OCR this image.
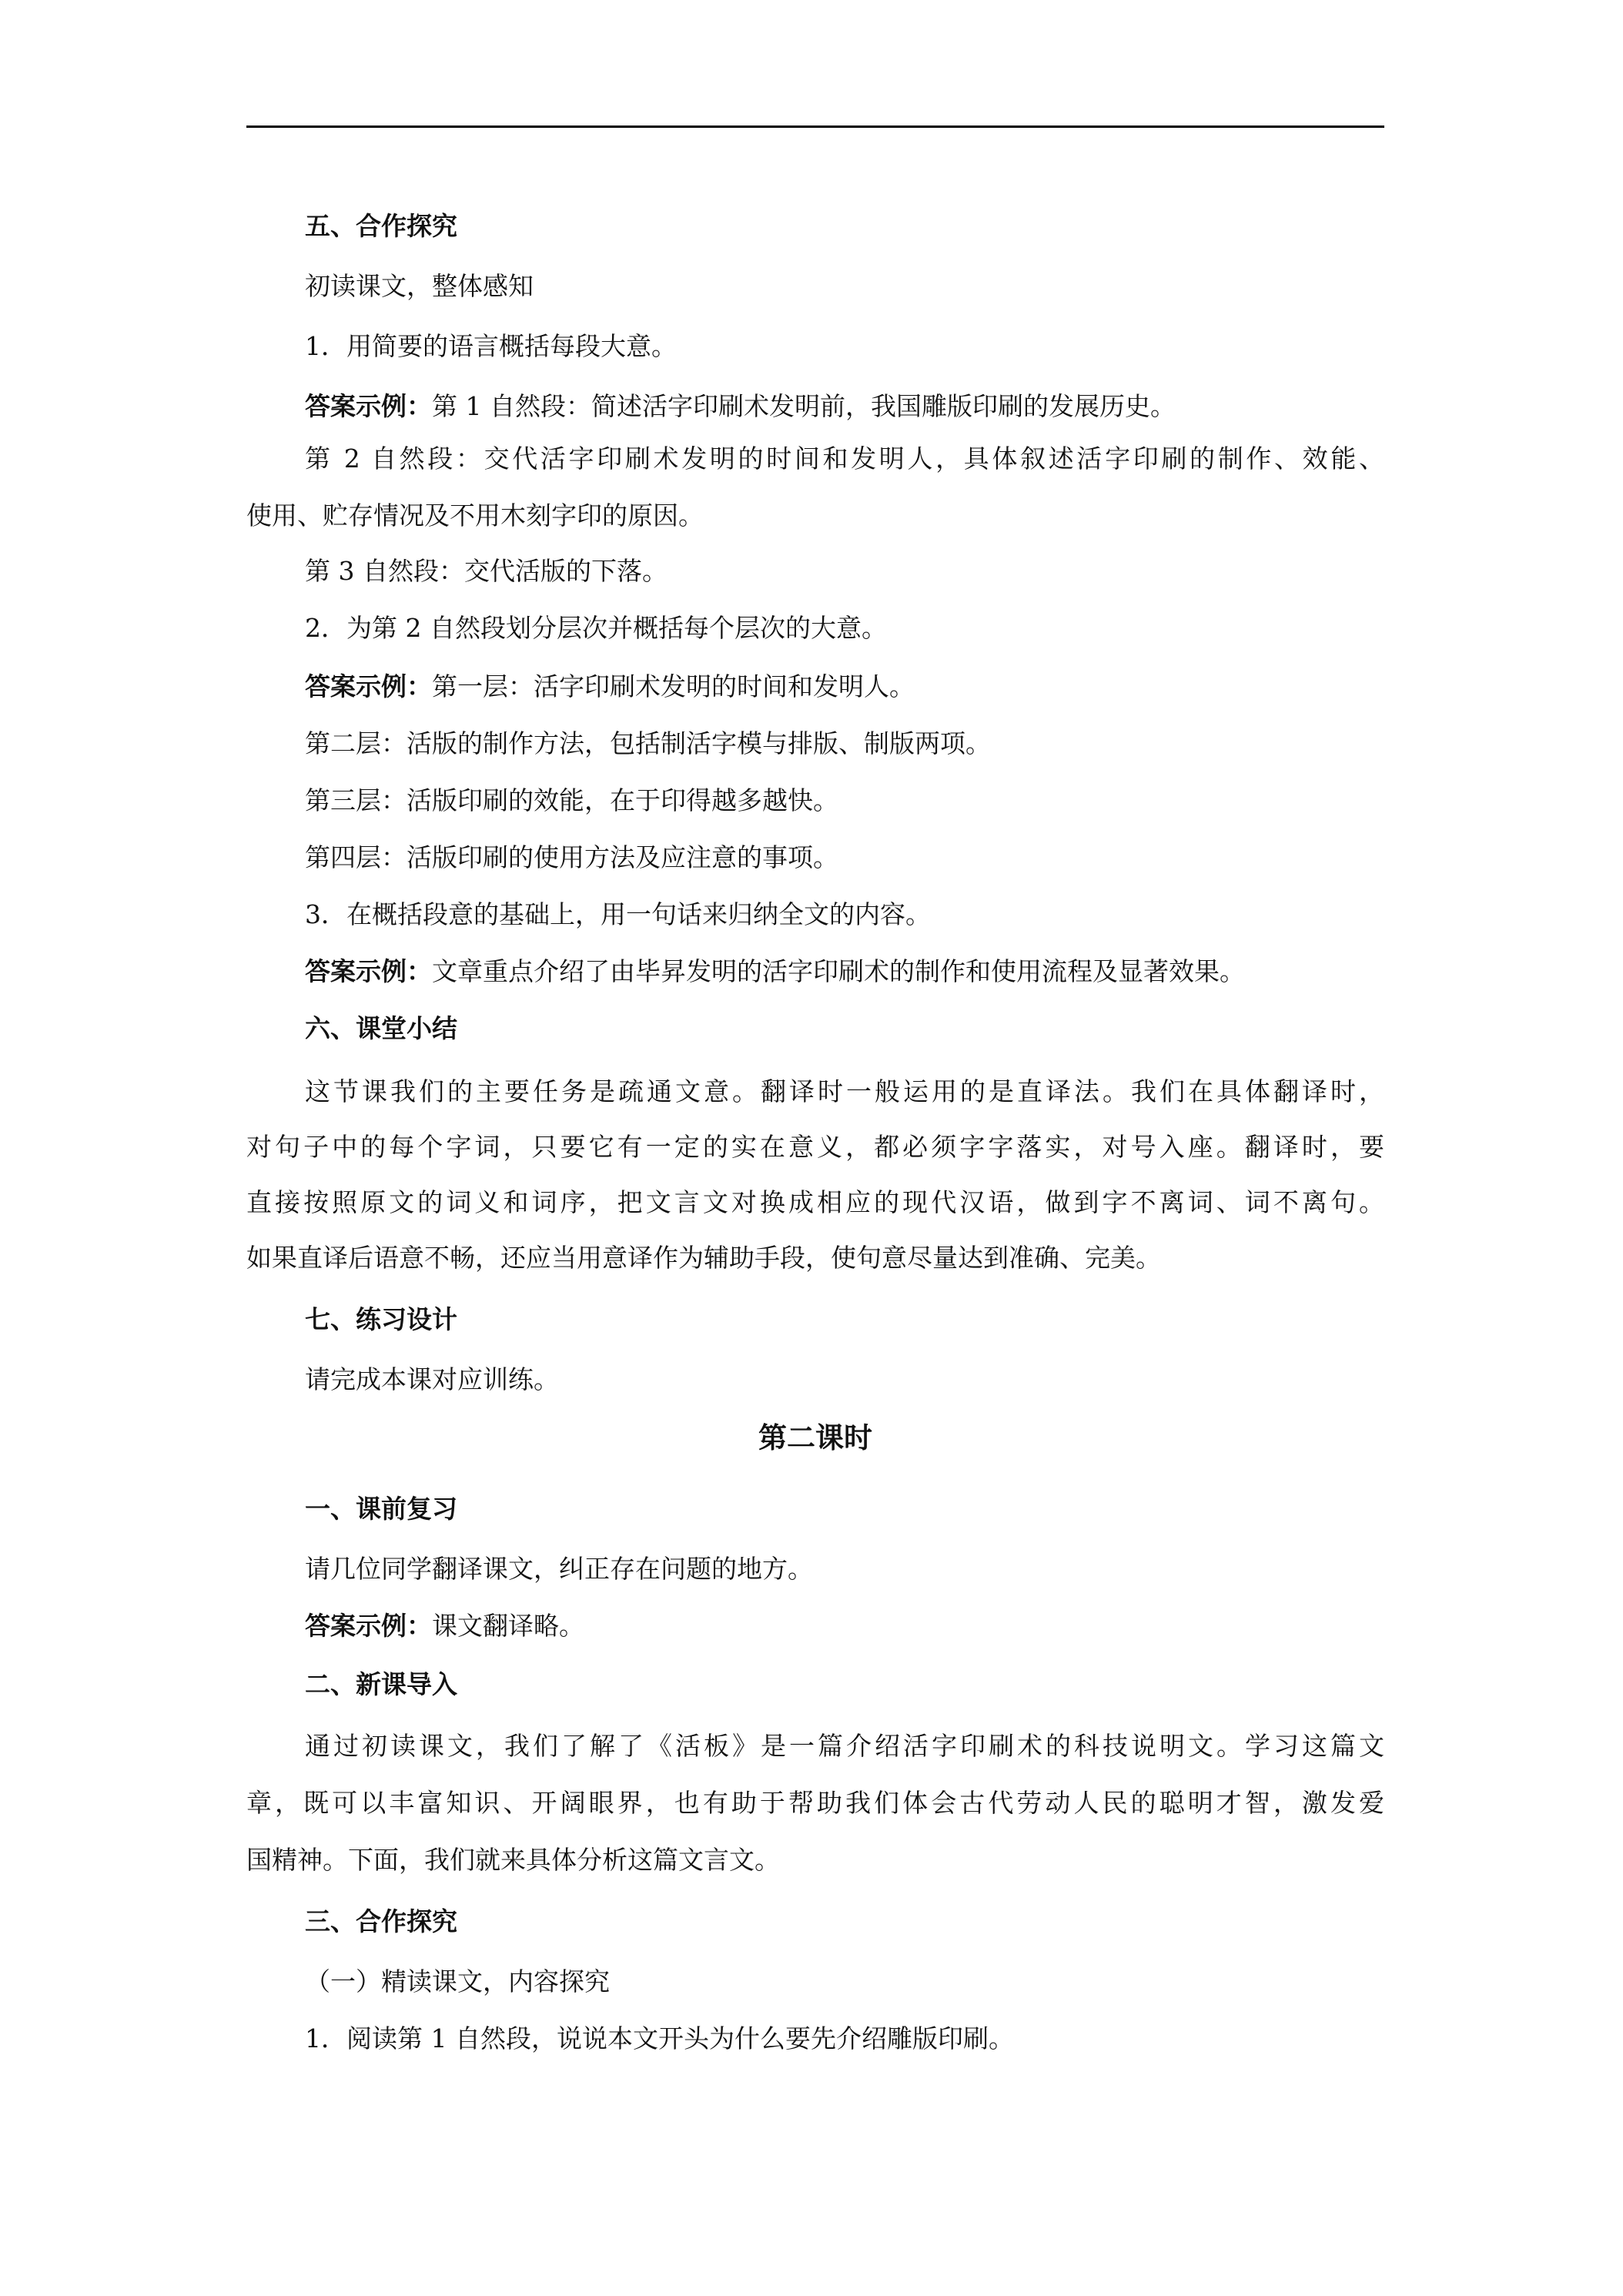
五、合作探究
初读课文，整体感知
1．用简要的语言概括每段大意。
答案示例：第 1 自然段：简述活字印刷术发明前，我国雕版印刷的发展历史。
第 2 自然段：交代活字印刷术发明的时间和发明人，具体叙述活字印刷的制作、效能、
使用、贮存情况及不用木刻字印的原因。
第 3 自然段：交代活版的下落。
2．为第 2 自然段划分层次并概括每个层次的大意。
答案示例：第一层：活字印刷术发明的时间和发明人。
第二层：活版的制作方法，包括制活字模与排版、制版两项。
第三层：活版印刷的效能，在于印得越多越快。
第四层：活版印刷的使用方法及应注意的事项。
3．在概括段意的基础上，用一句话来归纳全文的内容。
答案示例：文章重点介绍了由毕昇发明的活字印刷术的制作和使用流程及显著效果。
六、课堂小结
这节课我们的主要任务是疏通文意。翻译时一般运用的是直译法。我们在具体翻译时，
对句子中的每个字词，只要它有一定的实在意义，都必须字字落实，对号入座。翻译时，要
直接按照原文的词义和词序，把文言文对换成相应的现代汉语，做到字不离词、词不离句。
如果直译后语意不畅，还应当用意译作为辅助手段，使句意尽量达到准确、完美。
七、练习设计
请完成本课对应训练。
第二课时
一、课前复习
请几位同学翻译课文，纠正存在问题的地方。
答案示例：课文翻译略。
二、新课导入
通过初读课文，我们了解了《活板》是一篇介绍活字印刷术的科技说明文。学习这篇文
章，既可以丰富知识、开阔眼界，也有助于帮助我们体会古代劳动人民的聪明才智，激发爱
国精神。下面，我们就来具体分析这篇文言文。
三、合作探究
（一）精读课文，内容探究
1．阅读第 1 自然段，说说本文开头为什么要先介绍雕版印刷。
